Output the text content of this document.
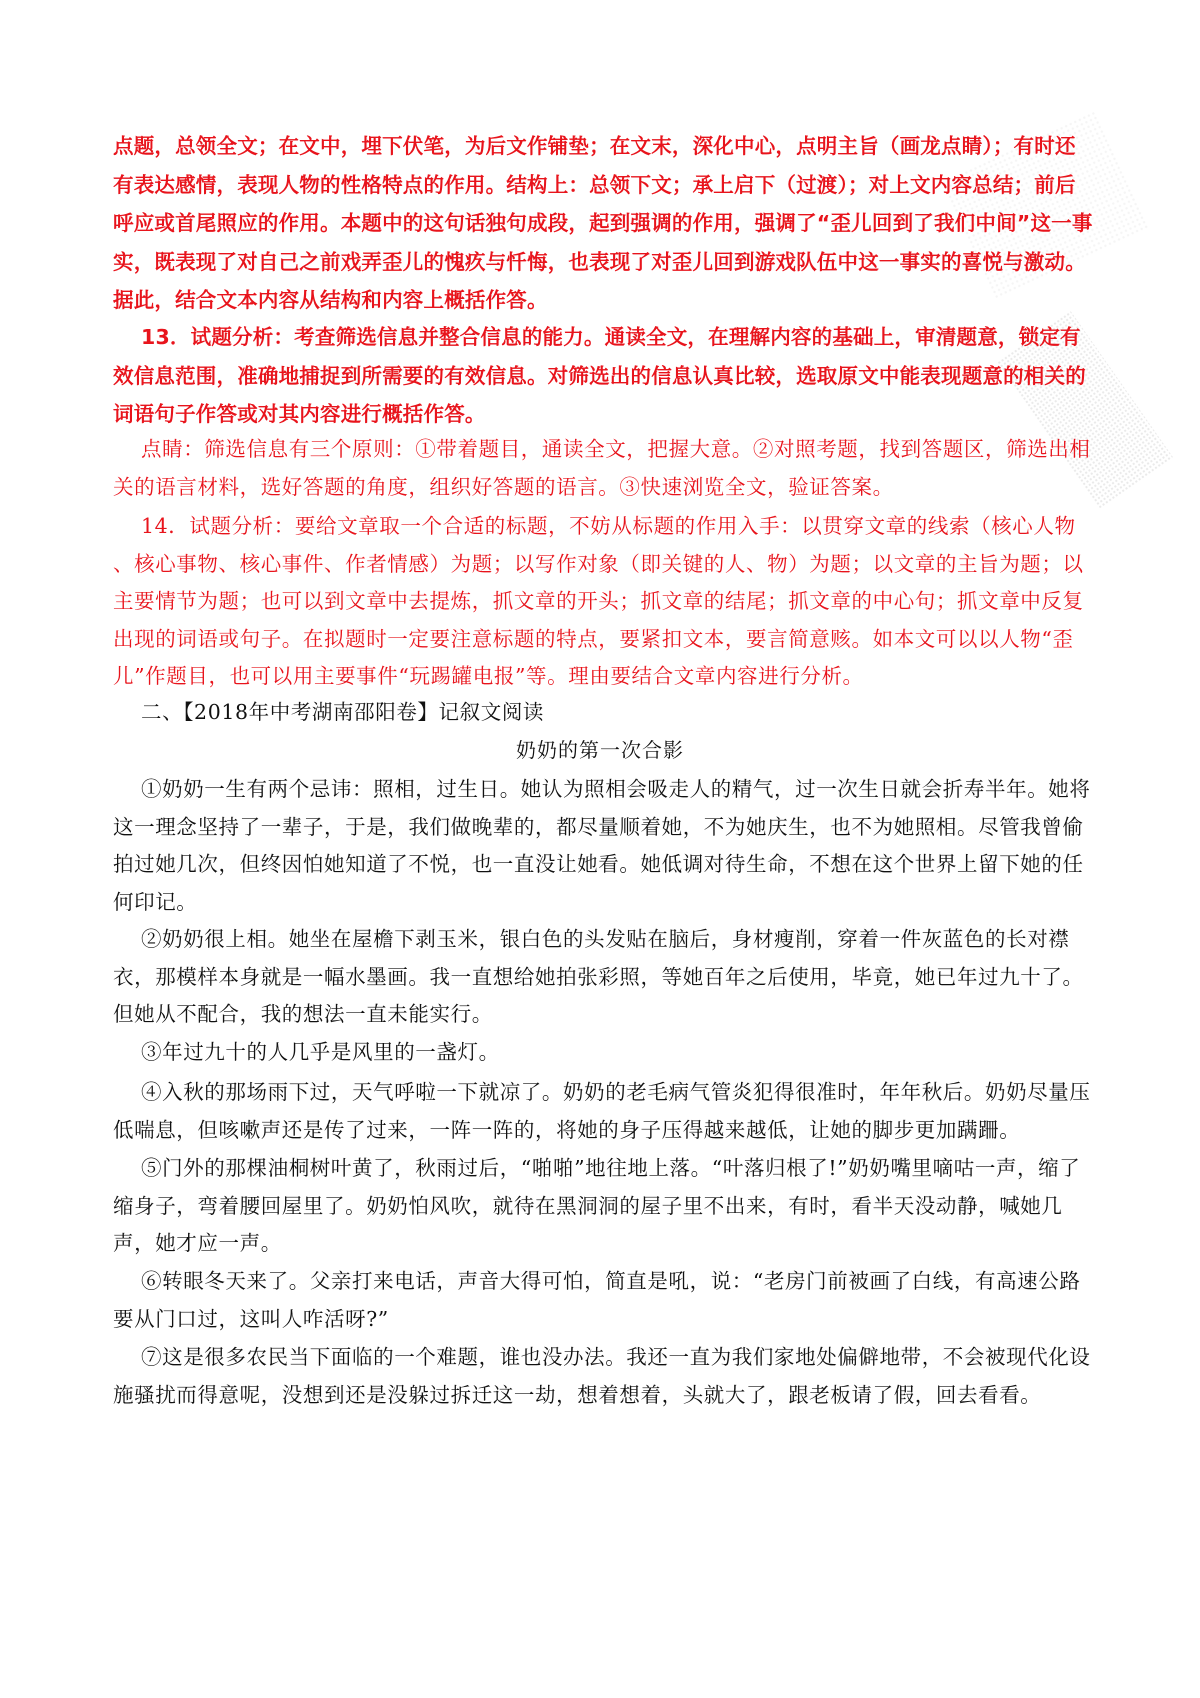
点题，总领全文；在文中，埋下伏笔，为后文作铺垫；在文末，深化中心，点明主旨（画龙点睛）；有时还
有表达感情，表现人物的性格特点的作用。结构上：总领下文；承上启下（过渡）；对上文内容总结；前后
呼应或首尾照应的作用。本题中的这句话独句成段，起到强调的作用，强调了“歪儿回到了我们中间”这一事
实，既表现了对自己之前戏弄歪儿的愧疚与忏悔，也表现了对歪儿回到游戏队伍中这一事实的喜悦与激动。
据此，结合文本内容从结构和内容上概括作答。

13．试题分析：考查筛选信息并整合信息的能力。通读全文，在理解内容的基础上，审清题意，锁定有效信息范围，准确地捕捉到所需要的有效信息。对筛选出的信息认真比较，选取原文中能表现题意的相关的词语句子作答或对其内容进行概括作答。

点睛：筛选信息有三个原则：①带着题目，通读全文，把握大意。②对照考题，找到答题区，筛选出相关的语言材料，选好答题的角度，组织好答题的语言。③快速浏览全文，验证答案。

14．试题分析：要给文章取一个合适的标题，不妨从标题的作用入手：以贯穿文章的线索（核心人物 、核心事物、核心事件、作者情感）为题；以写作对象（即关键的人、物）为题；以文章的主旨为题；以主要情节为题；也可以到文章中去提炼，抓文章的开头；抓文章的结尾；抓文章的中心句；抓文章中反复出现的词语或句子。在拟题时一定要注意标题的特点，要紧扣文本，要言简意赅。如本文可以以人物“歪儿”作题目，也可以用主要事件“玩踢罐电报”等。理由要结合文章内容进行分析。

二、【2018年中考湖南邵阳卷】记叙文阅读

奶奶的第一次合影

①奶奶一生有两个忌讳：照相，过生日。她认为照相会吸走人的精气，过一次生日就会折寿半年。她将这一理念坚持了一辈子，于是，我们做晚辈的，都尽量顺着她，不为她庆生，也不为她照相。尽管我曾偷拍过她几次，但终因怕她知道了不悦，也一直没让她看。她低调对待生命，不想在这个世界上留下她的任何印记。

②奶奶很上相。她坐在屋檐下剥玉米，银白色的头发贴在脑后，身材瘦削，穿着一件灰蓝色的长对襟衣，那模样本身就是一幅水墨画。我一直想给她拍张彩照，等她百年之后使用，毕竟，她已年过九十了。但她从不配合，我的想法一直未能实行。

③年过九十的人几乎是风里的一盏灯。

④入秋的那场雨下过，天气呼啦一下就凉了。奶奶的老毛病气管炎犯得很准时，年年秋后。奶奶尽量压低喘息，但咳嗽声还是传了过来，一阵一阵的，将她的身子压得越来越低，让她的脚步更加蹒跚。

⑤门外的那棵油桐树叶黄了，秋雨过后，“啪啪”地往地上落。“叶落归根了!”奶奶嘴里嘀咕一声，缩了缩身子，弯着腰回屋里了。奶奶怕风吹，就待在黑洞洞的屋子里不出来，有时，看半天没动静，喊她几声，她才应一声。

⑥转眼冬天来了。父亲打来电话，声音大得可怕，简直是吼，说：“老房门前被画了白线，有高速公路要从门口过，这叫人咋活呀?”

⑦这是很多农民当下面临的一个难题，谁也没办法。我还一直为我们家地处偏僻地带，不会被现代化设施骚扰而得意呢，没想到还是没躲过拆迁这一劫，想着想着，头就大了，跟老板请了假，回去看看。
